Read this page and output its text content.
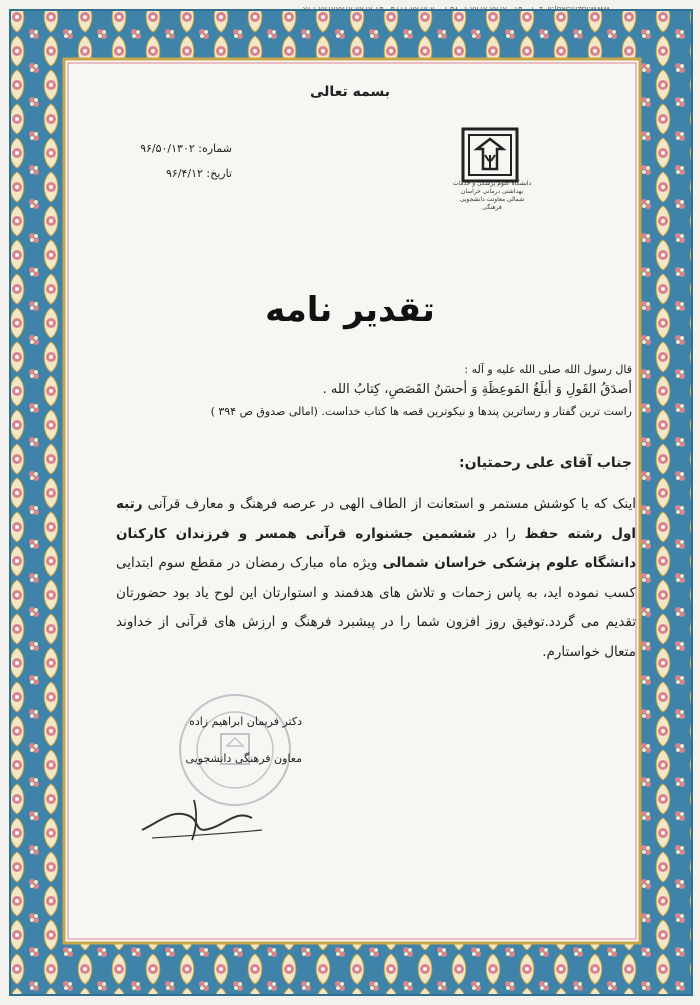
بسمه تعالی
شماره: ۹۶/۵۰/۱۳۰۲
تاریخ: ۹۶/۴/۱۲
دانشگاه علوم پزشکی و خدمات بهداشتی درمانی خراسان شمالی معاونت دانشجویی فرهنگی
تقدیر نامه
قال رسول الله صلی الله علیه و آله :
أصدَقُ القَولِ وَ أبلَغُ المَوعِظَةِ وَ أحسَنُ القَصَصِ، كِتابُ الله .
راست ترین گفتار و رساترین پندها و نیکوترین قصه ها کتاب خداست. (امالی صدوق ص ۳۹۴ )
جناب آقای علی رحمتیان:
اینک که با کوشش مستمر و استعانت از الطاف الهی در عرصه فرهنگ و معارف قرآنی رتبه اول رشته حفظ را در ششمین جشنواره قرآنی همسر و فرزندان کارکنان دانشگاه علوم پزشکی خراسان شمالی ویژه ماه مبارک رمضان در مقطع سوم ابتدایی کسب نموده اید، به پاس زحمات و تلاش های هدفمند و استوارتان این لوح یاد بود حضورتان تقدیم می گردد.توفیق روز افزون شما را در پیشبرد فرهنگ و ارزش های قرآنی از خداوند متعال خواستارم.
دکتر فریمان ابراهیم زاده
معاون فرهنگی دانشجویی
